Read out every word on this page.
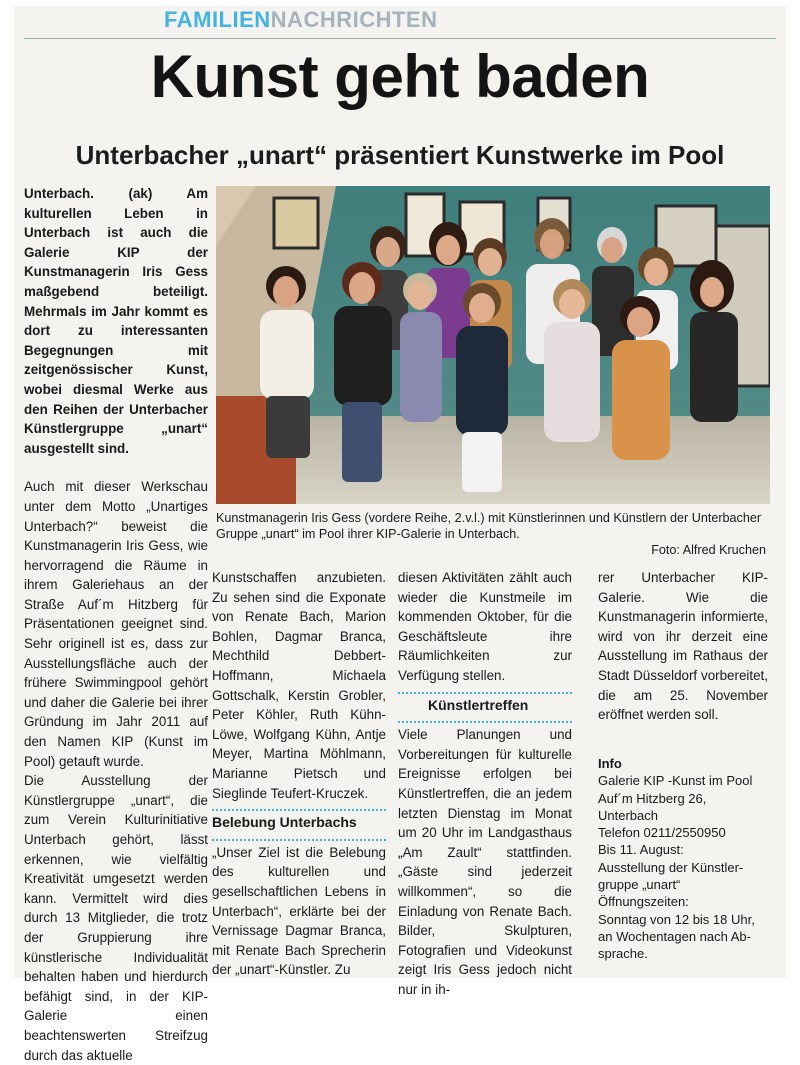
FAMILIENNACHRICHTEN
Kunst geht baden
Unterbacher „unart“ präsentiert Kunstwerke im Pool

Unterbach. (ak) Am kulturellen Leben in Unterbach ist auch die Galerie KIP der Kunstmanagerin Iris Gess maßgebend beteiligt. Mehrmals im Jahr kommt es dort zu interessanten Begegnungen mit zeitgenössischer Kunst, wobei diesmal Werke aus den Reihen der Unterbacher Künstlergruppe „unart“ ausgestellt sind.

Auch mit dieser Werkschau unter dem Motto „Unartiges Unterbach?“ beweist die Kunstmanagerin Iris Gess, wie hervorragend die Räume in ihrem Galeriehaus an der Straße Auf´m Hitzberg für Präsentationen geeignet sind. Sehr originell ist es, dass zur Ausstellungsfläche auch der frühere Swimmingpool gehört und daher die Galerie bei ihrer Gründung im Jahr 2011 auf den Namen KIP (Kunst im Pool) getauft wurde.

Die Ausstellung der Künstlergruppe „unart“, die zum Verein Kulturinitiative Unterbach gehört, lässt erkennen, wie vielfältig Kreativität umgesetzt werden kann. Vermittelt wird dies durch 13 Mitglieder, die trotz der Gruppierung ihre künstlerische Individualität behalten haben und hierdurch befähigt sind, in der KIP-Galerie einen beachtenswerten Streifzug durch das aktuelle

Kunstmanagerin Iris Gess (vordere Reihe, 2.v.l.) mit Künstlerinnen und Künstlern der Unterbacher Gruppe „unart“ im Pool ihrer KIP-Galerie in Unterbach.
Foto: Alfred Kruchen

Kunstschaffen anzubieten. Zu sehen sind die Exponate von Renate Bach, Marion Bohlen, Dagmar Branca, Mechthild Debbert-Hoffmann, Michaela Gottschalk, Kerstin Grobler, Peter Köhler, Ruth Kühn-Löwe, Wolfgang Kühn, Antje Meyer, Martina Möhlmann, Marianne Pietsch und Sieglinde Teufert-Kruczek.

Belebung Unterbachs

„Unser Ziel ist die Belebung des kulturellen und gesellschaftlichen Lebens in Unterbach“, erklärte bei der Vernissage Dagmar Branca, mit Renate Bach Sprecherin der „unart“-Künstler. Zu

diesen Aktivitäten zählt auch wieder die Kunstmeile im kommenden Oktober, für die Geschäftsleute ihre Räumlichkeiten zur Verfügung stellen.

Künstlertreffen

Viele Planungen und Vorbereitungen für kulturelle Ereignisse erfolgen bei Künstlertreffen, die an jedem letzten Dienstag im Monat um 20 Uhr im Landgasthaus „Am Zault“ stattfinden. „Gäste sind jederzeit willkommen“, so die Einladung von Renate Bach. Bilder, Skulpturen, Fotografien und Videokunst zeigt Iris Gess jedoch nicht nur in ih-

rer Unterbacher KIP-Galerie. Wie die Kunstmanagerin informierte, wird von ihr derzeit eine Ausstellung im Rathaus der Stadt Düsseldorf vorbereitet, die am 25. November eröffnet werden soll.

Info
Galerie KIP -Kunst im Pool
Auf´m Hitzberg 26,
Unterbach
Telefon 0211/2550950
Bis 11. August:
Ausstellung der Künstler-
gruppe „unart“
Öffnungszeiten:
Sonntag von 12 bis 18 Uhr,
an Wochentagen nach Ab-
sprache.
